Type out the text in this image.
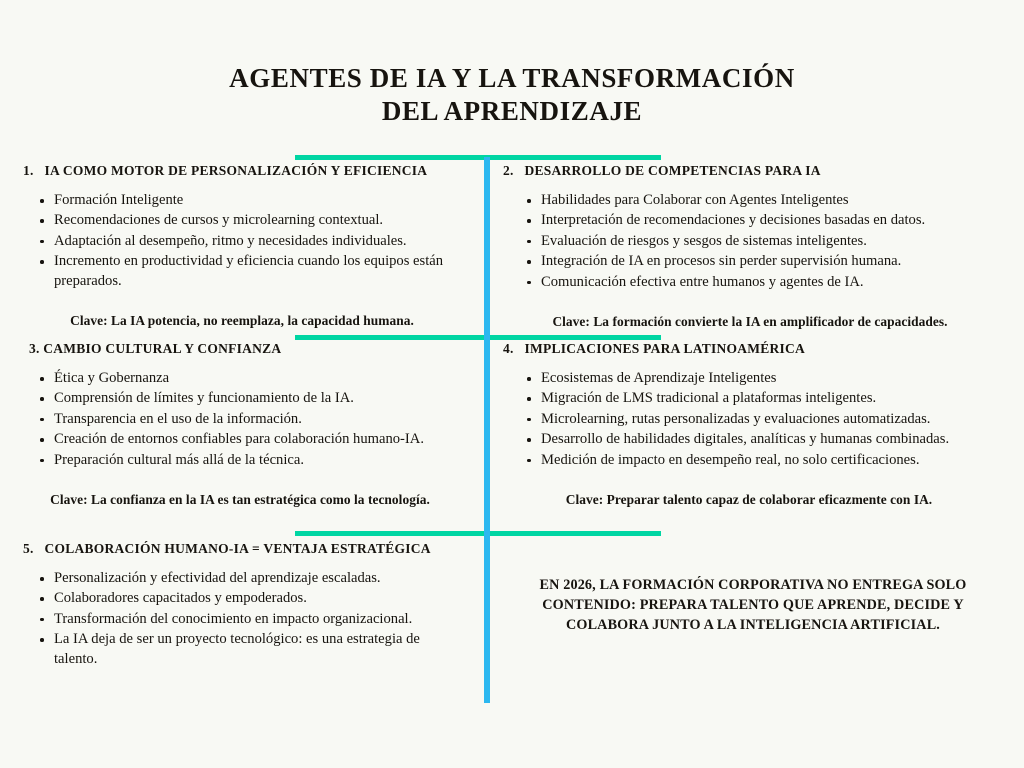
AGENTES DE IA Y LA TRANSFORMACIÓN
DEL APRENDIZAJE
1. IA COMO MOTOR DE PERSONALIZACIÓN Y EFICIENCIA
Formación Inteligente
Recomendaciones de cursos y microlearning contextual.
Adaptación al desempeño, ritmo y necesidades individuales.
Incremento en productividad y eficiencia cuando los equipos están preparados.
Clave: La IA potencia, no reemplaza, la capacidad humana.
2. DESARROLLO DE COMPETENCIAS PARA IA
Habilidades para Colaborar con Agentes Inteligentes
Interpretación de recomendaciones y decisiones basadas en datos.
Evaluación de riesgos y sesgos de sistemas inteligentes.
Integración de IA en procesos sin perder supervisión humana.
Comunicación efectiva entre humanos y agentes de IA.
Clave: La formación convierte la IA en amplificador de capacidades.
3. CAMBIO CULTURAL Y CONFIANZA
Ética y Gobernanza
Comprensión de límites y funcionamiento de la IA.
Transparencia en el uso de la información.
Creación de entornos confiables para colaboración humano-IA.
Preparación cultural más allá de la técnica.
Clave: La confianza en la IA es tan estratégica como la tecnología.
4. IMPLICACIONES PARA LATINOAMÉRICA
Ecosistemas de Aprendizaje Inteligentes
Migración de LMS tradicional a plataformas inteligentes.
Microlearning, rutas personalizadas y evaluaciones automatizadas.
Desarrollo de habilidades digitales, analíticas y humanas combinadas.
Medición de impacto en desempeño real, no solo certificaciones.
Clave: Preparar talento capaz de colaborar eficazmente con IA.
5. COLABORACIÓN HUMANO-IA = VENTAJA ESTRATÉGICA
Personalización y efectividad del aprendizaje escaladas.
Colaboradores capacitados y empoderados.
Transformación del conocimiento en impacto organizacional.
La IA deja de ser un proyecto tecnológico: es una estrategia de talento.
EN 2026, LA FORMACIÓN CORPORATIVA NO ENTREGA SOLO CONTENIDO: PREPARA TALENTO QUE APRENDE, DECIDE Y COLABORA JUNTO A LA INTELIGENCIA ARTIFICIAL.
